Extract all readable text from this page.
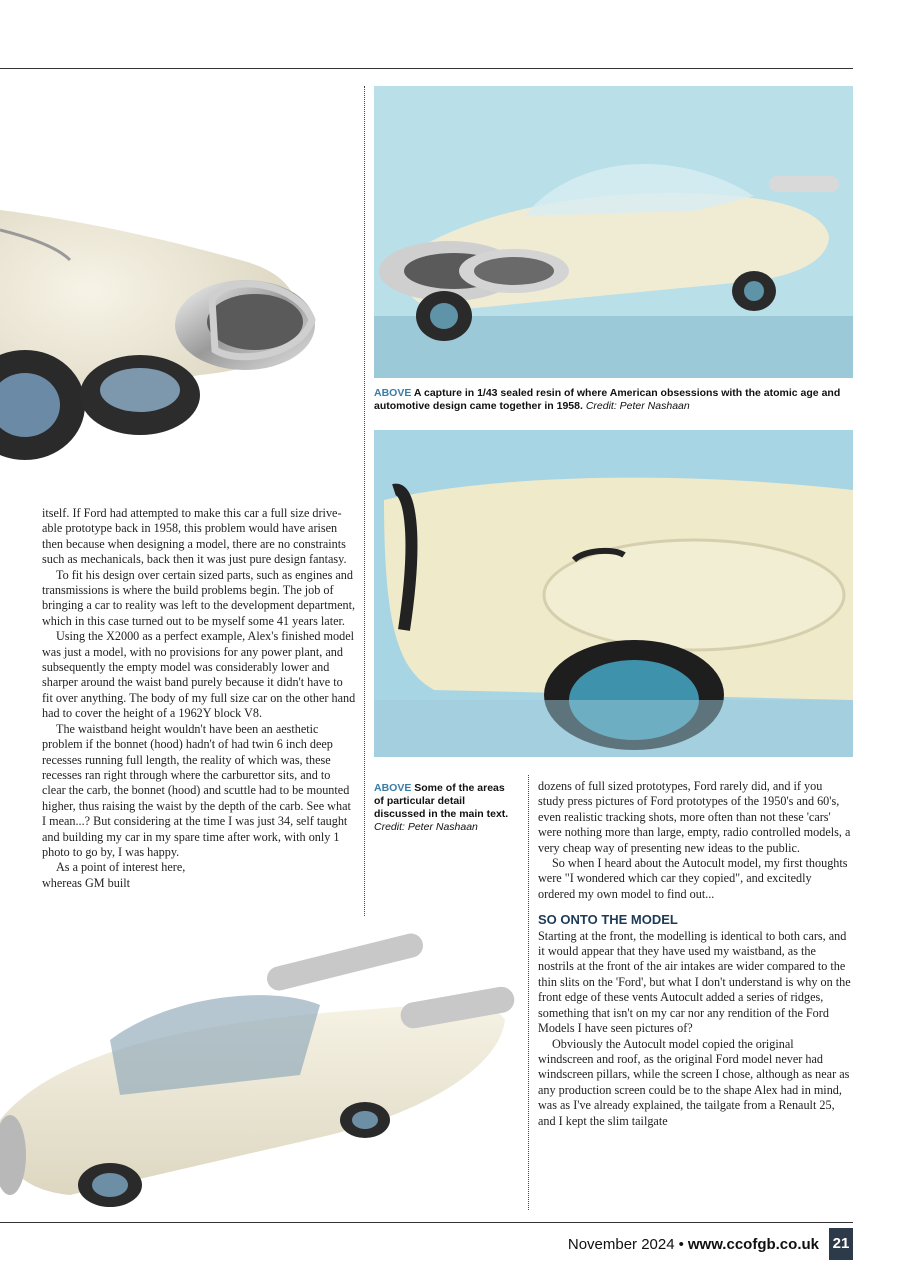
ABOVE A capture in 1/43 sealed resin of where American obsessions with the atomic age and automotive design came together in 1958. Credit: Peter Nashaan
ABOVE Some of the areas of particular detail discussed in the main text. Credit: Peter Nashaan

itself. If Ford had attempted to make this car a full size drive-able prototype back in 1958, this problem would have arisen then because when designing a model, there are no constraints such as mechanicals, back then it was just pure design fantasy.

To fit his design over certain sized parts, such as engines and transmissions is where the build problems begin. The job of bringing a car to reality was left to the development department, which in this case turned out to be myself some 41 years later.

Using the X2000 as a perfect example, Alex's finished model was just a model, with no provisions for any power plant, and subsequently the empty model was considerably lower and sharper around the waist band purely because it didn't have to fit over anything. The body of my full size car on the other hand had to cover the height of a 1962Y block V8.

The waistband height wouldn't have been an aesthetic problem if the bonnet (hood) hadn't of had twin 6 inch deep recesses running full length, the reality of which was, these recesses ran right through where the carburettor sits, and to clear the carb, the bonnet (hood) and scuttle had to be mounted higher, thus raising the waist by the depth of the carb. See what I mean...? But considering at the time I was just 34, self taught and building my car in my spare time after work, with only 1 photo to go by, I was happy.

As a point of interest here, whereas GM built

dozens of full sized prototypes, Ford rarely did, and if you study press pictures of Ford prototypes of the 1950's and 60's, even realistic tracking shots, more often than not these 'cars' were nothing more than large, empty, radio controlled models, a very cheap way of presenting new ideas to the public.

So when I heard about the Autocult model, my first thoughts were "I wondered which car they copied", and excitedly ordered my own model to find out...

SO ONTO THE MODEL

Starting at the front, the modelling is identical to both cars, and it would appear that they have used my waistband, as the nostrils at the front of the air intakes are wider compared to the thin slits on the 'Ford', but what I don't understand is why on the front edge of these vents Autocult added a series of ridges, something that isn't on my car nor any rendition of the Ford Models I have seen pictures of?

Obviously the Autocult model copied the original windscreen and roof, as the original Ford model never had windscreen pillars, while the screen I chose, although as near as any production screen could be to the shape Alex had in mind, was as I've already explained, the tailgate from a Renault 25, and I kept the slim tailgate

November 2024 • www.ccofgb.co.uk 21
